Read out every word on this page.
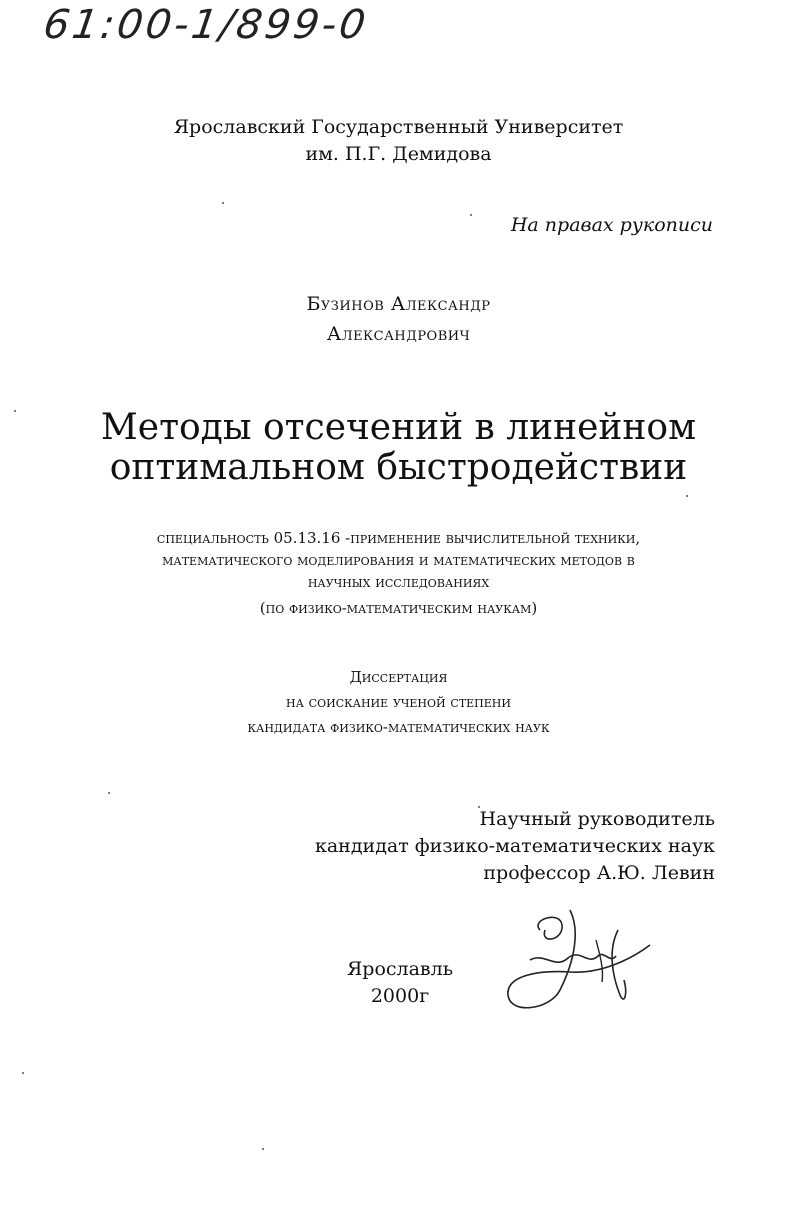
61:00-1/899-0
Ярославский Государственный Университет
им. П.Г. Демидова
На правах рукописи
Бузинов Александр
Александрович
Методы отсечений в линейном
оптимальном быстродействии
специальность 05.13.16 -применение вычислительной техники,
математического моделирования и математических методов в
научных исследованиях
(по физико-математическим наукам)
Диссертация
на соискание ученой степени
кандидата физико-математических наук
Научный руководитель
кандидат физико-математических наук
профессор А.Ю. Левин
Ярославль
2000г
